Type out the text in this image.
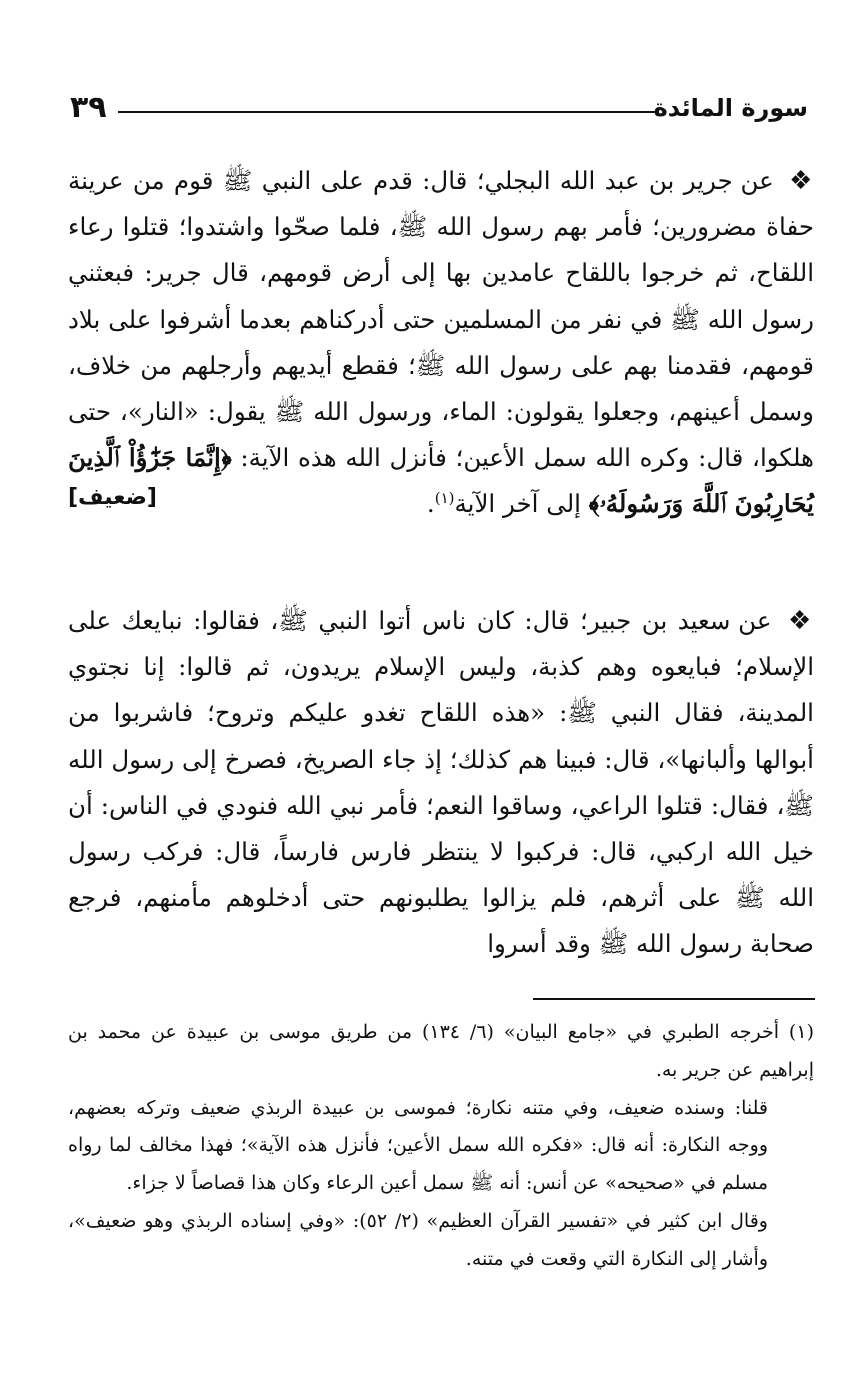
سورة المائدة
٣٩

❖ عن جرير بن عبد الله البجلي؛ قال: قدم على النبي ﷺ قوم من عرينة حفاة مضرورين؛ فأمر بهم رسول الله ﷺ، فلما صحّوا واشتدوا؛ قتلوا رعاء اللقاح، ثم خرجوا باللقاح عامدين بها إلى أرض قومهم، قال جرير: فبعثني رسول الله ﷺ في نفر من المسلمين حتى أدركناهم بعدما أشرفوا على بلاد قومهم، فقدمنا بهم على رسول الله ﷺ؛ فقطع أيديهم وأرجلهم من خلاف، وسمل أعينهم، وجعلوا يقولون: الماء، ورسول الله ﷺ يقول: «النار»، حتى هلكوا، قال: وكره الله سمل الأعين؛ فأنزل الله هذه الآية: ﴿إِنَّمَا جَزَٰٓؤُاْ ٱلَّذِينَ يُحَارِبُونَ ٱللَّهَ وَرَسُولَهُۥ﴾ إلى آخر الآية$^{(١)}$.

[ضعيف]

❖ عن سعيد بن جبير؛ قال: كان ناس أتوا النبي ﷺ، فقالوا: نبايعك على الإسلام؛ فبايعوه وهم كذبة، وليس الإسلام يريدون، ثم قالوا: إنا نجتوي المدينة، فقال النبي ﷺ: «هذه اللقاح تغدو عليكم وتروح؛ فاشربوا من أبوالها وألبانها»، قال: فبينا هم كذلك؛ إذ جاء الصريخ، فصرخ إلى رسول الله ﷺ، فقال: قتلوا الراعي، وساقوا النعم؛ فأمر نبي الله فنودي في الناس: أن خيل الله اركبي، قال: فركبوا لا ينتظر فارس فارساً، قال: فركب رسول الله ﷺ على أثرهم، فلم يزالوا يطلبونهم حتى أدخلوهم مأمنهم، فرجع صحابة رسول الله ﷺ وقد أسروا

(١) أخرجه الطبري في «جامع البيان» (٦/ ١٣٤) من طريق موسى بن عبيدة عن محمد بن إبراهيم عن جرير به.

قلنا: وسنده ضعيف، وفي متنه نكارة؛ فموسى بن عبيدة الربذي ضعيف وتركه بعضهم، ووجه النكارة: أنه قال: «فكره الله سمل الأعين؛ فأنزل هذه الآية»؛ فهذا مخالف لما رواه مسلم في «صحيحه» عن أنس: أنه ﷺ سمل أعين الرعاء وكان هذا قصاصاً لا جزاء.

وقال ابن كثير في «تفسير القرآن العظيم» (٢/ ٥٢): «وفي إسناده الربذي وهو ضعيف»، وأشار إلى النكارة التي وقعت في متنه.
